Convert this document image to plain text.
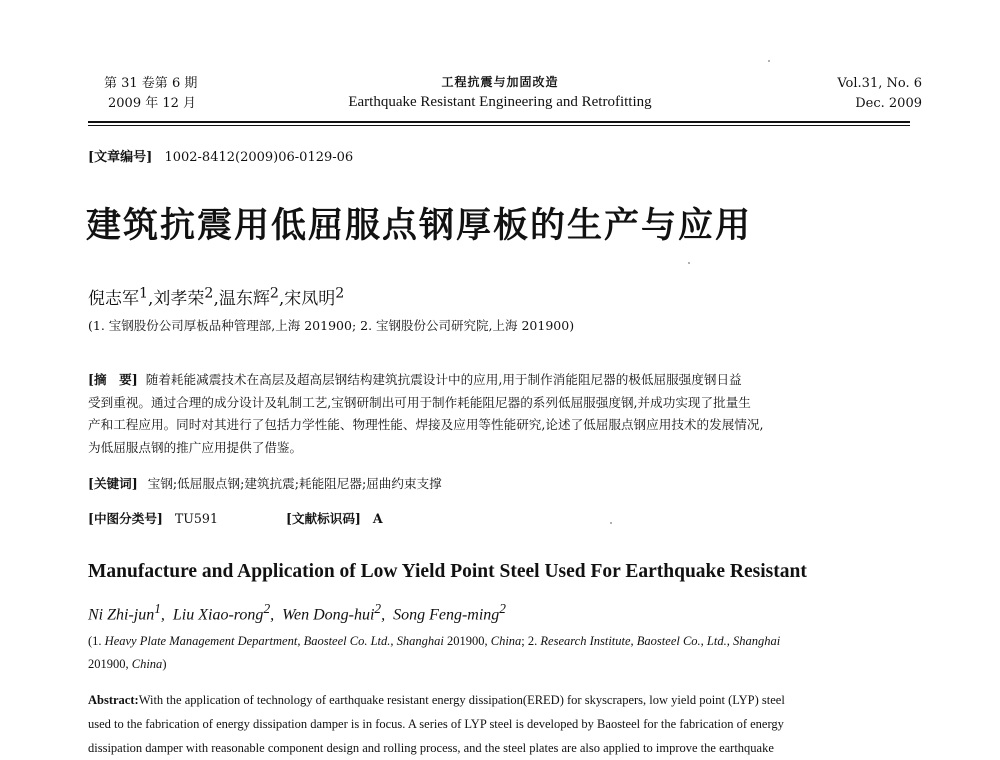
第 31 卷第 6 期
2009 年 12 月
工程抗震与加固改造
Earthquake Resistant Engineering and Retrofitting
Vol.31, No. 6
Dec. 2009
[文章编号] 1002-8412(2009)06-0129-06
建筑抗震用低屈服点钢厚板的生产与应用
倪志军$^1$,刘孝荣$^2$,温东辉$^2$,宋凤明$^2$
(1. 宝钢股份公司厚板品种管理部,上海 201900; 2. 宝钢股份公司研究院,上海 201900)
[摘　要] 随着耗能减震技术在高层及超高层钢结构建筑抗震设计中的应用,用于制作消能阻尼器的极低屈服强度钢日益
受到重视。通过合理的成分设计及轧制工艺,宝钢研制出可用于制作耗能阻尼器的系列低屈服强度钢,并成功实现了批量生
产和工程应用。同时对其进行了包括力学性能、物理性能、焊接及应用等性能研究,论述了低屈服点钢应用技术的发展情况,
为低屈服点钢的推广应用提供了借鉴。
[关键词] 宝钢;低屈服点钢;建筑抗震;耗能阻尼器;屈曲约束支撑
[中图分类号] TU591	[文献标识码] A
Manufacture and Application of Low Yield Point Steel Used For Earthquake Resistant
Ni Zhi-jun$^1$,  Liu Xiao-rong$^2$,  Wen Dong-hui$^2$,  Song Feng-ming$^2$
(1. Heavy Plate Management Department, Baosteel Co. Ltd., Shanghai 201900, China; 2. Research Institute, Baosteel Co., Ltd., Shanghai
201900, China)
Abstract:With the application of technology of earthquake resistant energy dissipation(ERED) for skyscrapers, low yield point (LYP) steel
used to the fabrication of energy dissipation damper is in focus. A series of LYP steel is developed by Baosteel for the fabrication of energy
dissipation damper with reasonable component design and rolling process, and the steel plates are also applied to improve the earthquake
